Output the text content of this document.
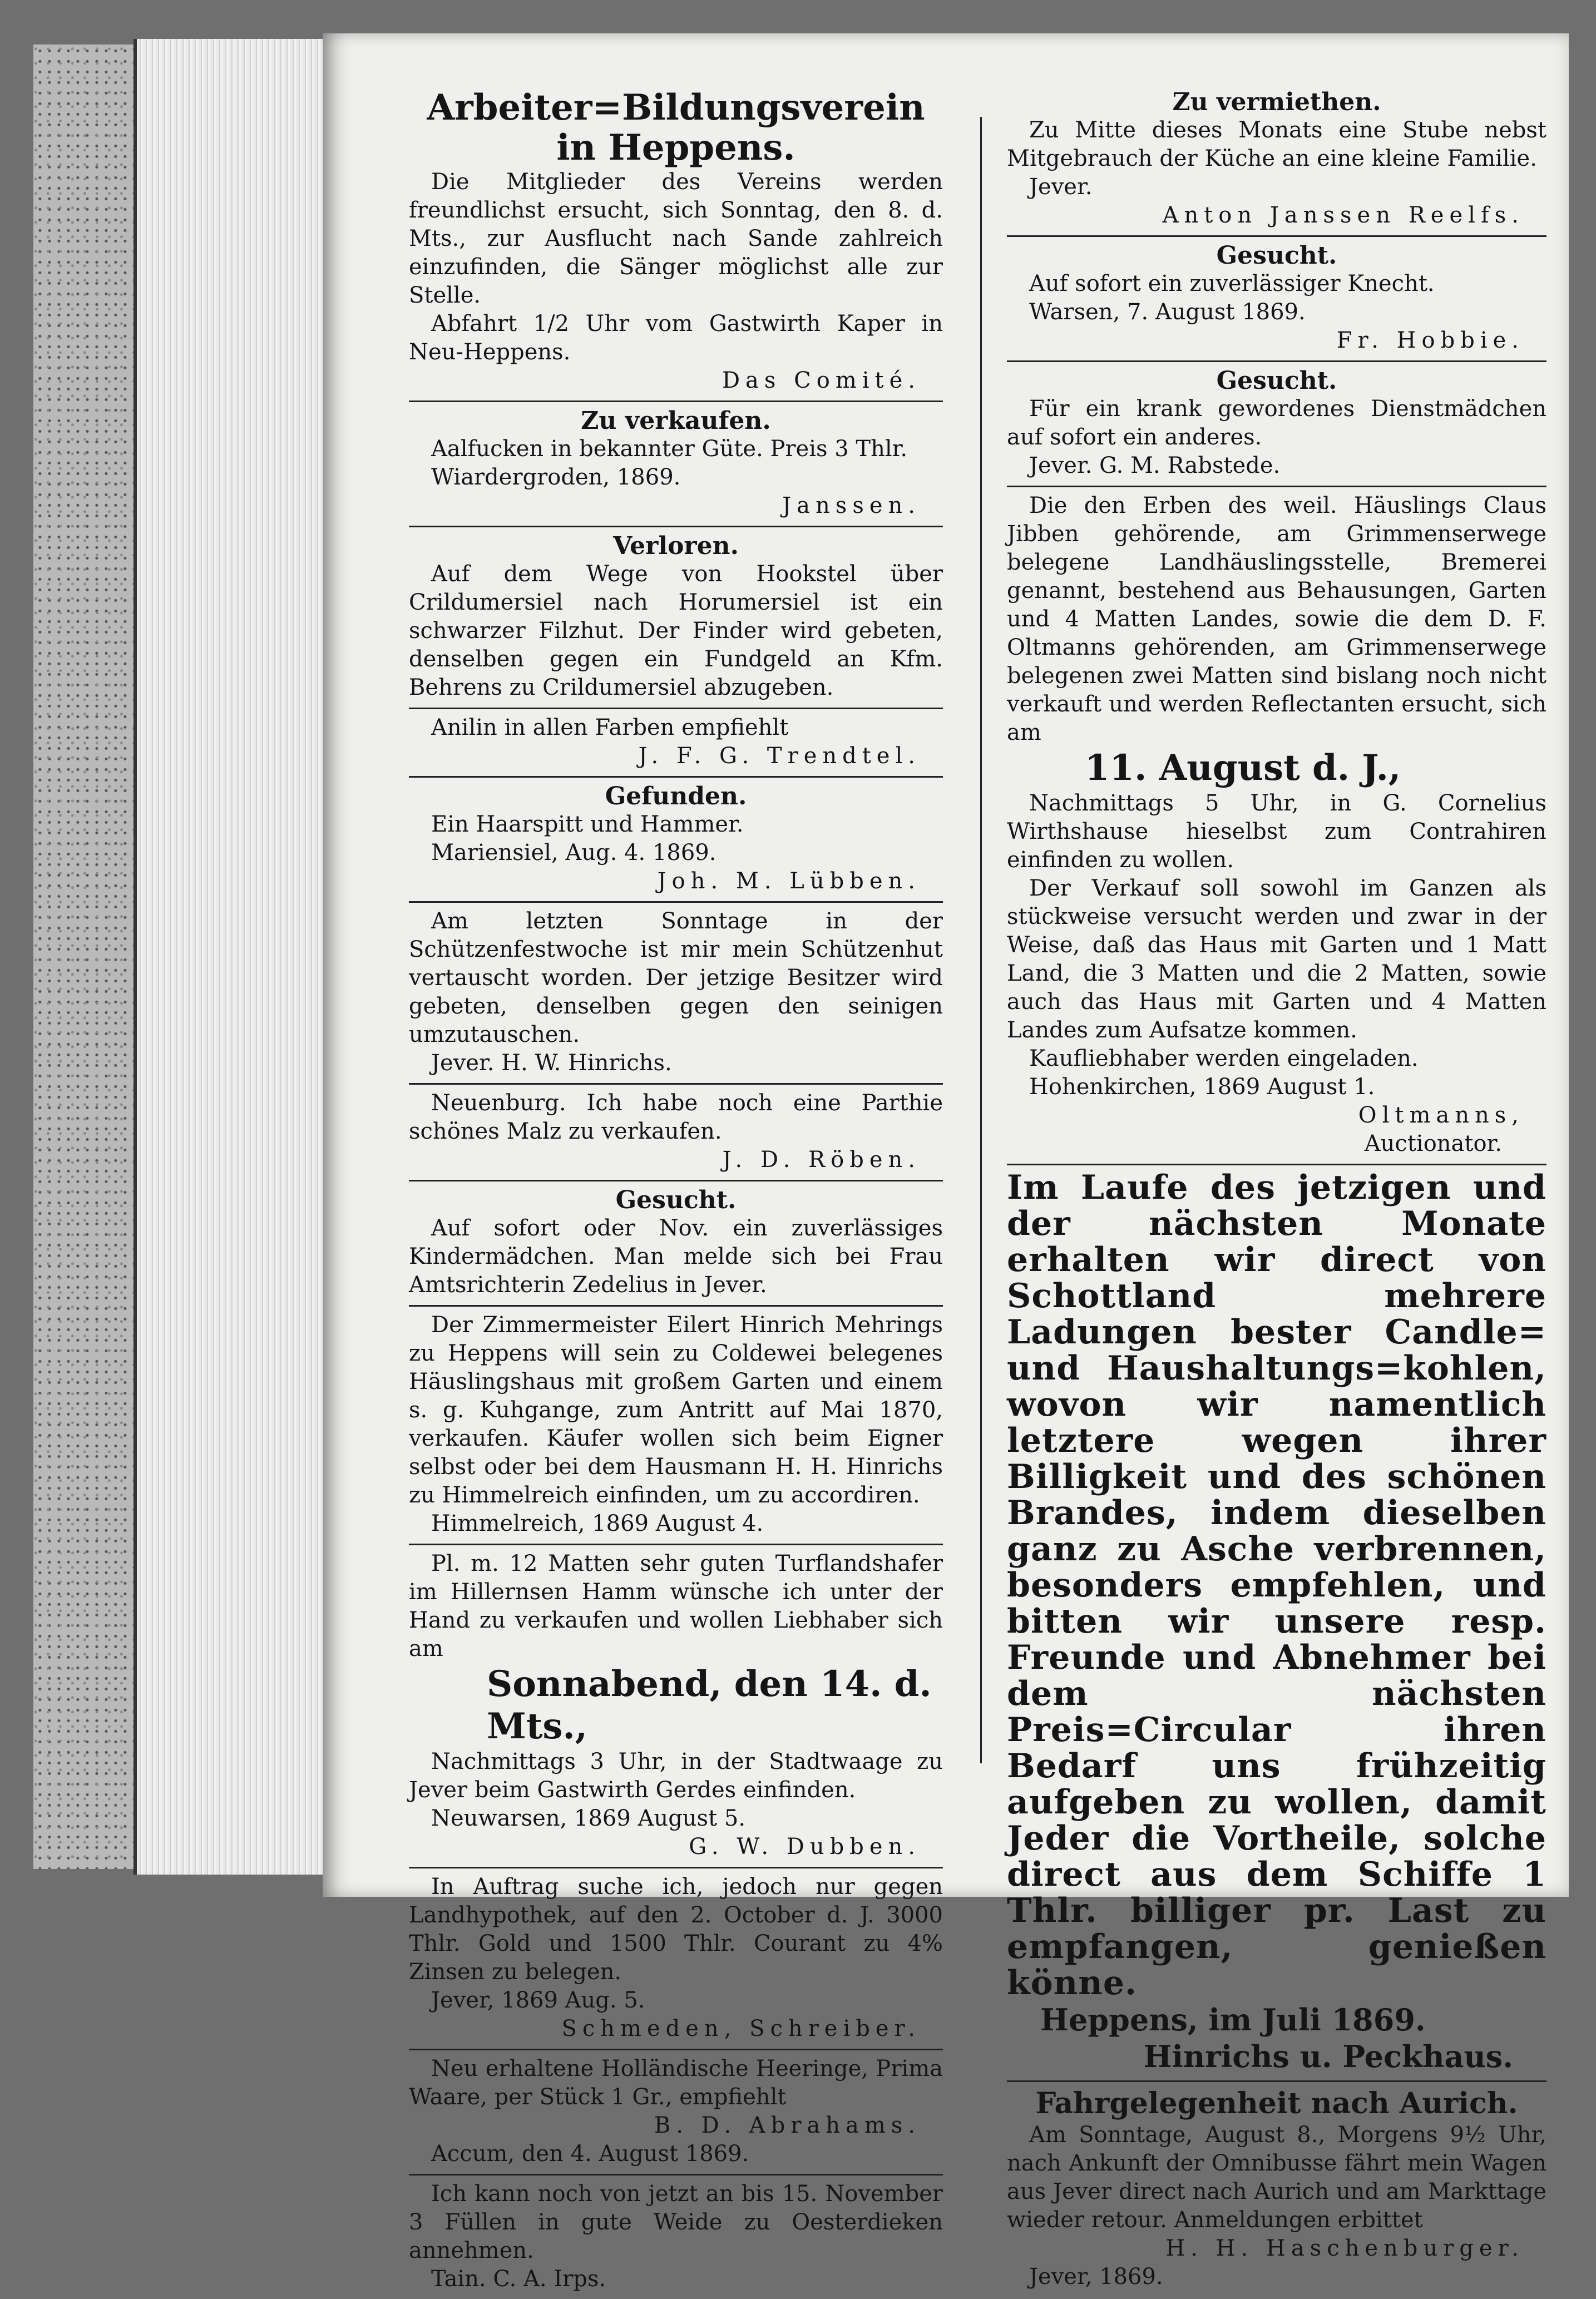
Arbeiter=Bildungsverein in Heppens.
Die Mitglieder des Vereins werden freundlichst ersucht, sich Sonntag, den 8. d. Mts., zur Ausflucht nach Sande zahlreich einzufinden, die Sänger möglichst alle zur Stelle.
Abfahrt 1/2 Uhr vom Gastwirth Kaper in Neu-Heppens.
Das Comité.
Zu verkaufen.
Aalfucken in bekannter Güte. Preis 3 Thlr.
Wiardergroden, 1869.
Janssen.
Verloren.
Auf dem Wege von Hookstel über Crildumersiel nach Horumersiel ist ein schwarzer Filzhut. Der Finder wird gebeten, denselben gegen ein Fundgeld an Kfm. Behrens zu Crildumersiel abzugeben.
Anilin in allen Farben empfiehlt
J. F. G. Trendtel.
Gefunden.
Ein Haarspitt und Hammer.
Mariensiel, Aug. 4. 1869.
Joh. M. Lübben.
Am letzten Sonntage in der Schützenfestwoche ist mir mein Schützenhut vertauscht worden. Der jetzige Besitzer wird gebeten, denselben gegen den seinigen umzutauschen.
Jever. H. W. Hinrichs.
Neuenburg. Ich habe noch eine Parthie schönes Malz zu verkaufen.
J. D. Röben.
Gesucht.
Auf sofort oder Nov. ein zuverlässiges Kindermädchen. Man melde sich bei Frau Amtsrichterin Zedelius in Jever.
Der Zimmermeister Eilert Hinrich Mehrings zu Heppens will sein zu Coldewei belegenes Häuslingshaus mit großem Garten und einem s. g. Kuhgange, zum Antritt auf Mai 1870, verkaufen. Käufer wollen sich beim Eigner selbst oder bei dem Hausmann H. H. Hinrichs zu Himmelreich einfinden, um zu accordiren.
Himmelreich, 1869 August 4.
Pl. m. 12 Matten sehr guten Turflandshafer im Hillernsen Hamm wünsche ich unter der Hand zu verkaufen und wollen Liebhaber sich am
Sonnabend, den 14. d. Mts.,
Nachmittags 3 Uhr, in der Stadtwaage zu Jever beim Gastwirth Gerdes einfinden.
Neuwarsen, 1869 August 5.
G. W. Dubben.
In Auftrag suche ich, jedoch nur gegen Landhypothek, auf den 2. October d. J. 3000 Thlr. Gold und 1500 Thlr. Courant zu 4% Zinsen zu belegen.
Jever, 1869 Aug. 5.
Schmeden, Schreiber.
Neu erhaltene Holländische Heeringe, Prima Waare, per Stück 1 Gr., empfiehlt
B. D. Abrahams.
Accum, den 4. August 1869.
Ich kann noch von jetzt an bis 15. November 3 Füllen in gute Weide zu Oesterdieken annehmen.
Tain. C. A. Irps.
Zu vermiethen.
Zu Mitte dieses Monats eine Stube nebst Mitgebrauch der Küche an eine kleine Familie.
Jever.
Anton Janssen Reelfs.
Gesucht.
Auf sofort ein zuverlässiger Knecht.
Warsen, 7. August 1869.
Fr. Hobbie.
Gesucht.
Für ein krank gewordenes Dienstmädchen auf sofort ein anderes.
Jever. G. M. Rabstede.
Die den Erben des weil. Häuslings Claus Jibben gehörende, am Grimmenserwege belegene Landhäuslingsstelle, Bremerei genannt, bestehend aus Behausungen, Garten und 4 Matten Landes, sowie die dem D. F. Oltmanns gehörenden, am Grimmenserwege belegenen zwei Matten sind bislang noch nicht verkauft und werden Reflectanten ersucht, sich am
11. August d. J.,
Nachmittags 5 Uhr, in G. Cornelius Wirthshause hieselbst zum Contrahiren einfinden zu wollen.
Der Verkauf soll sowohl im Ganzen als stückweise versucht werden und zwar in der Weise, daß das Haus mit Garten und 1 Matt Land, die 3 Matten und die 2 Matten, sowie auch das Haus mit Garten und 4 Matten Landes zum Aufsatze kommen.
Kaufliebhaber werden eingeladen.
Hohenkirchen, 1869 August 1.
Oltmanns,
Auctionator.
Im Laufe des jetzigen und der nächsten Monate erhalten wir direct von Schottland mehrere Ladungen bester Candle= und Haushaltungs=kohlen, wovon wir namentlich letztere wegen ihrer Billigkeit und des schönen Brandes, indem dieselben ganz zu Asche verbrennen, besonders empfehlen, und bitten wir unsere resp. Freunde und Abnehmer bei dem nächsten Preis=Circular ihren Bedarf uns frühzeitig aufgeben zu wollen, damit Jeder die Vortheile, solche direct aus dem Schiffe 1 Thlr. billiger pr. Last zu empfangen, genießen könne.
Heppens, im Juli 1869.
Hinrichs u. Peckhaus.
Fahrgelegenheit nach Aurich.
Am Sonntage, August 8., Morgens 9½ Uhr, nach Ankunft der Omnibusse fährt mein Wagen aus Jever direct nach Aurich und am Markttage wieder retour. Anmeldungen erbittet
H. H. Haschenburger.
Jever, 1869.
